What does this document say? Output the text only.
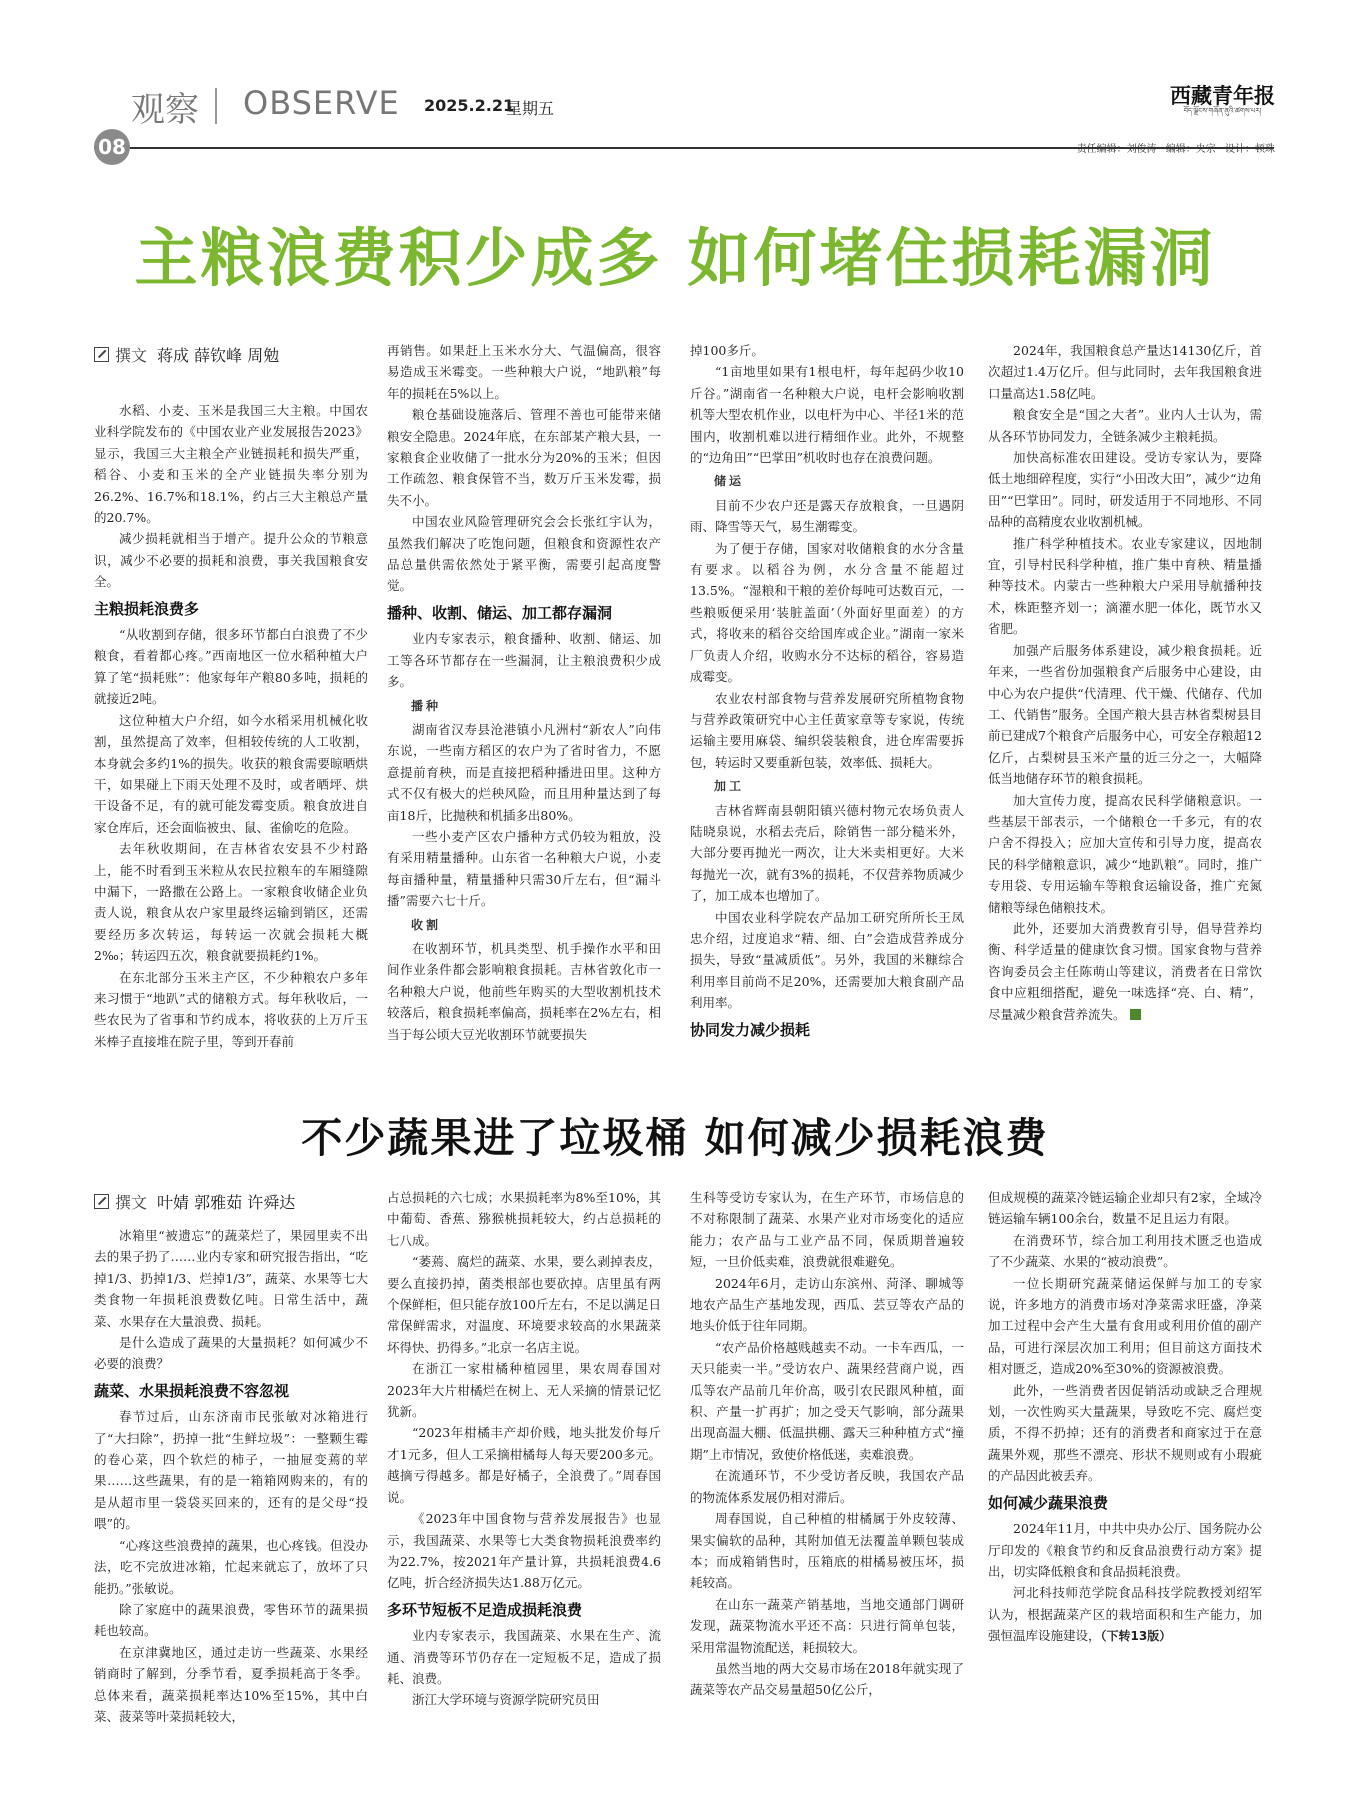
观察 OBSERVE
08
2025.2.21
星期五
西藏青年报
བོད་ལྗོངས་གཞོན་ནུའི་ཚགས་པར།
责任编辑：刘俊涛 编辑：央宗 设计：顿珠
主粮浪费积少成多 如何堵住损耗漏洞
撰文 蒋成 薛钦峰 周勉

水稻、小麦、玉米是我国三大主粮。中国农业科学院发布的《中国农业产业发展报告2023》显示，我国三大主粮全产业链损耗和损失严重，稻谷、小麦和玉米的全产业链损失率分别为26.2%、16.7%和18.1%，约占三大主粮总产量的20.7%。

减少损耗就相当于增产。提升公众的节粮意识，减少不必要的损耗和浪费，事关我国粮食安全。

主粮损耗浪费多

“从收割到存储，很多环节都白白浪费了不少粮食，看着都心疼。”西南地区一位水稻种植大户算了笔“损耗账”：他家每年产粮80多吨，损耗的就接近2吨。

这位种植大户介绍，如今水稻采用机械化收割，虽然提高了效率，但相较传统的人工收割，本身就会多约1%的损失。收获的粮食需要晾晒烘干，如果碰上下雨天处理不及时，或者晒坪、烘干设备不足，有的就可能发霉变质。粮食放进自家仓库后，还会面临被虫、鼠、雀偷吃的危险。

去年秋收期间，在吉林省农安县不少村路上，能不时看到玉米粒从农民拉粮车的车厢缝隙中漏下，一路撒在公路上。一家粮食收储企业负责人说，粮食从农户家里最终运输到销区，还需要经历多次转运，每转运一次就会损耗大概2‰；转运四五次，粮食就要损耗约1%。

在东北部分玉米主产区，不少种粮农户多年来习惯于“地趴”式的储粮方式。每年秋收后，一些农民为了省事和节约成本，将收获的上万斤玉米棒子直接堆在院子里，等到开春前

再销售。如果赶上玉米水分大、气温偏高，很容易造成玉米霉变。一些种粮大户说，“地趴粮”每年的损耗在5%以上。

粮仓基础设施落后、管理不善也可能带来储粮安全隐患。2024年底，在东部某产粮大县，一家粮食企业收储了一批水分为20%的玉米；但因工作疏忽、粮食保管不当，数万斤玉米发霉，损失不小。

中国农业风险管理研究会会长张红宇认为，虽然我们解决了吃饱问题，但粮食和资源性农产品总量供需依然处于紧平衡，需要引起高度警觉。

播种、收割、储运、加工都存漏洞

业内专家表示，粮食播种、收割、储运、加工等各环节都存在一些漏洞，让主粮浪费积少成多。

播种

湖南省汉寿县沧港镇小凡洲村“新农人”向伟东说，一些南方稻区的农户为了省时省力，不愿意提前育秧，而是直接把稻种播进田里。这种方式不仅有极大的烂秧风险，而且用种量达到了每亩18斤，比抛秧和机插多出80%。

一些小麦产区农户播种方式仍较为粗放，没有采用精量播种。山东省一名种粮大户说，小麦每亩播种量，精量播种只需30斤左右，但“漏斗播”需要六七十斤。

收割

在收割环节，机具类型、机手操作水平和田间作业条件都会影响粮食损耗。吉林省敦化市一名种粮大户说，他前些年购买的大型收割机技术较落后，粮食损耗率偏高，损耗率在2%左右，相当于每公顷大豆光收割环节就要损失

掉100多斤。

“1亩地里如果有1根电杆，每年起码少收10斤谷。”湖南省一名种粮大户说，电杆会影响收割机等大型农机作业，以电杆为中心、半径1米的范围内，收割机难以进行精细作业。此外，不规整的“边角田”“巴掌田”机收时也存在浪费问题。

储运

目前不少农户还是露天存放粮食，一旦遇阴雨、降雪等天气，易生潮霉变。

为了便于存储，国家对收储粮食的水分含量有要求。以稻谷为例，水分含量不能超过13.5%。“湿粮和干粮的差价每吨可达数百元，一些粮贩便采用‘装脏盖面’（外面好里面差）的方式，将收来的稻谷交给国库或企业。”湖南一家米厂负责人介绍，收购水分不达标的稻谷，容易造成霉变。

农业农村部食物与营养发展研究所植物食物与营养政策研究中心主任黄家章等专家说，传统运输主要用麻袋、编织袋装粮食，进仓库需要拆包，转运时又要重新包装，效率低、损耗大。

加工

吉林省辉南县朝阳镇兴德村物元农场负责人陆晓泉说，水稻去壳后，除销售一部分糙米外，大部分要再抛光一两次，让大米卖相更好。大米每抛光一次，就有3%的损耗，不仅营养物质减少了，加工成本也增加了。

中国农业科学院农产品加工研究所所长王凤忠介绍，过度追求“精、细、白”会造成营养成分损失，导致“量减质低”。另外，我国的米糠综合利用率目前尚不足20%，还需要加大粮食副产品利用率。

协同发力减少损耗

2024年，我国粮食总产量达14130亿斤，首次超过1.4万亿斤。但与此同时，去年我国粮食进口量高达1.58亿吨。

粮食安全是“国之大者”。业内人士认为，需从各环节协同发力，全链条减少主粮耗损。

加快高标准农田建设。受访专家认为，要降低土地细碎程度，实行“小田改大田”，减少“边角田”“巴掌田”。同时，研发适用于不同地形、不同品种的高精度农业收割机械。

推广科学种植技术。农业专家建议，因地制宜，引导村民科学种植，推广集中育秧、精量播种等技术。内蒙古一些种粮大户采用导航播种技术，株距整齐划一；滴灌水肥一体化，既节水又省肥。

加强产后服务体系建设，减少粮食损耗。近年来，一些省份加强粮食产后服务中心建设，由中心为农户提供“代清理、代干燥、代储存、代加工、代销售”服务。全国产粮大县吉林省梨树县目前已建成7个粮食产后服务中心，可安全存粮超12亿斤，占梨树县玉米产量的近三分之一，大幅降低当地储存环节的粮食损耗。

加大宣传力度，提高农民科学储粮意识。一些基层干部表示，一个储粮仓一千多元，有的农户舍不得投入；应加大宣传和引导力度，提高农民的科学储粮意识，减少“地趴粮”。同时，推广专用袋、专用运输车等粮食运输设备，推广充氮储粮等绿色储粮技术。

此外，还要加大消费教育引导，倡导营养均衡、科学适量的健康饮食习惯。国家食物与营养咨询委员会主任陈萌山等建议，消费者在日常饮食中应粗细搭配，避免一味选择“亮、白、精”，尽量减少粮食营养流失。

不少蔬果进了垃圾桶 如何减少损耗浪费
撰文 叶婧 郭雅茹 许舜达

冰箱里“被遗忘”的蔬菜烂了，果园里卖不出去的果子扔了……业内专家和研究报告指出，“吃掉1/3、扔掉1/3、烂掉1/3”，蔬菜、水果等七大类食物一年损耗浪费数亿吨。日常生活中，蔬菜、水果存在大量浪费、损耗。

是什么造成了蔬果的大量损耗？如何减少不必要的浪费？

蔬菜、水果损耗浪费不容忽视

春节过后，山东济南市民张敏对冰箱进行了“大扫除”，扔掉一批“生鲜垃圾”：一整颗生霉的卷心菜，四个软烂的柿子，一抽屉变蔫的苹果……这些蔬果，有的是一箱箱网购来的，有的是从超市里一袋袋买回来的，还有的是父母“投喂”的。

“心疼这些浪费掉的蔬果，也心疼钱。但没办法，吃不完放进冰箱，忙起来就忘了，放坏了只能扔。”张敏说。

除了家庭中的蔬果浪费，零售环节的蔬果损耗也较高。

在京津冀地区，通过走访一些蔬菜、水果经销商时了解到，分季节看，夏季损耗高于冬季。总体来看，蔬菜损耗率达10%至15%，其中白菜、菠菜等叶菜损耗较大，

占总损耗的六七成；水果损耗率为8%至10%，其中葡萄、香蕉、猕猴桃损耗较大，约占总损耗的七八成。

“萎蔫、腐烂的蔬菜、水果，要么剥掉表皮，要么直接扔掉，菌类根部也要砍掉。店里虽有两个保鲜柜，但只能存放100斤左右，不足以满足日常保鲜需求，对温度、环境要求较高的水果蔬菜坏得快、扔得多。”北京一名店主说。

在浙江一家柑橘种植园里，果农周春国对2023年大片柑橘烂在树上、无人采摘的情景记忆犹新。

“2023年柑橘丰产却价贱，地头批发价每斤才1元多，但人工采摘柑橘每人每天要200多元。越摘亏得越多。都是好橘子，全浪费了。”周春国说。

《2023年中国食物与营养发展报告》也显示，我国蔬菜、水果等七大类食物损耗浪费率约为22.7%，按2021年产量计算，共损耗浪费4.6亿吨，折合经济损失达1.88万亿元。

多环节短板不足造成损耗浪费

业内专家表示，我国蔬菜、水果在生产、流通、消费等环节仍存在一定短板不足，造成了损耗、浪费。

浙江大学环境与资源学院研究员田

生科等受访专家认为，在生产环节，市场信息的不对称限制了蔬菜、水果产业对市场变化的适应能力；农产品与工业产品不同，保质期普遍较短，一旦价低卖难，浪费就很难避免。

2024年6月，走访山东滨州、菏泽、聊城等地农产品生产基地发现，西瓜、芸豆等农产品的地头价低于往年同期。

“农产品价格越贱越卖不动。一卡车西瓜，一天只能卖一半。”受访农户、蔬果经营商户说，西瓜等农产品前几年价高，吸引农民跟风种植，面积、产量一扩再扩；加之受天气影响，部分蔬果出现高温大棚、低温拱棚、露天三种种植方式“撞期”上市情况，致使价格低迷，卖难浪费。

在流通环节，不少受访者反映，我国农产品的物流体系发展仍相对滞后。

周春国说，自己种植的柑橘属于外皮较薄、果实偏软的品种，其附加值无法覆盖单颗包装成本；而成箱销售时，压箱底的柑橘易被压坏，损耗较高。

在山东一蔬菜产销基地，当地交通部门调研发现，蔬菜物流水平还不高：只进行简单包装，采用常温物流配送，耗损较大。

虽然当地的两大交易市场在2018年就实现了蔬菜等农产品交易量超50亿公斤，

但成规模的蔬菜冷链运输企业却只有2家，全域冷链运输车辆100余台，数量不足且运力有限。

在消费环节，综合加工利用技术匮乏也造成了不少蔬菜、水果的“被动浪费”。

一位长期研究蔬菜储运保鲜与加工的专家说，许多地方的消费市场对净菜需求旺盛，净菜加工过程中会产生大量有食用或利用价值的副产品，可进行深层次加工利用；但目前这方面技术相对匮乏，造成20%至30%的资源被浪费。

此外，一些消费者因促销活动或缺乏合理规划，一次性购买大量蔬果，导致吃不完、腐烂变质，不得不扔掉；还有的消费者和商家过于在意蔬果外观，那些不漂亮、形状不规则或有小瑕疵的产品因此被丢弃。

如何减少蔬果浪费

2024年11月，中共中央办公厅、国务院办公厅印发的《粮食节约和反食品浪费行动方案》提出，切实降低粮食和食品损耗浪费。

河北科技师范学院食品科技学院教授刘绍军认为，根据蔬菜产区的栽培面积和生产能力，加强恒温库设施建设，（下转13版）
